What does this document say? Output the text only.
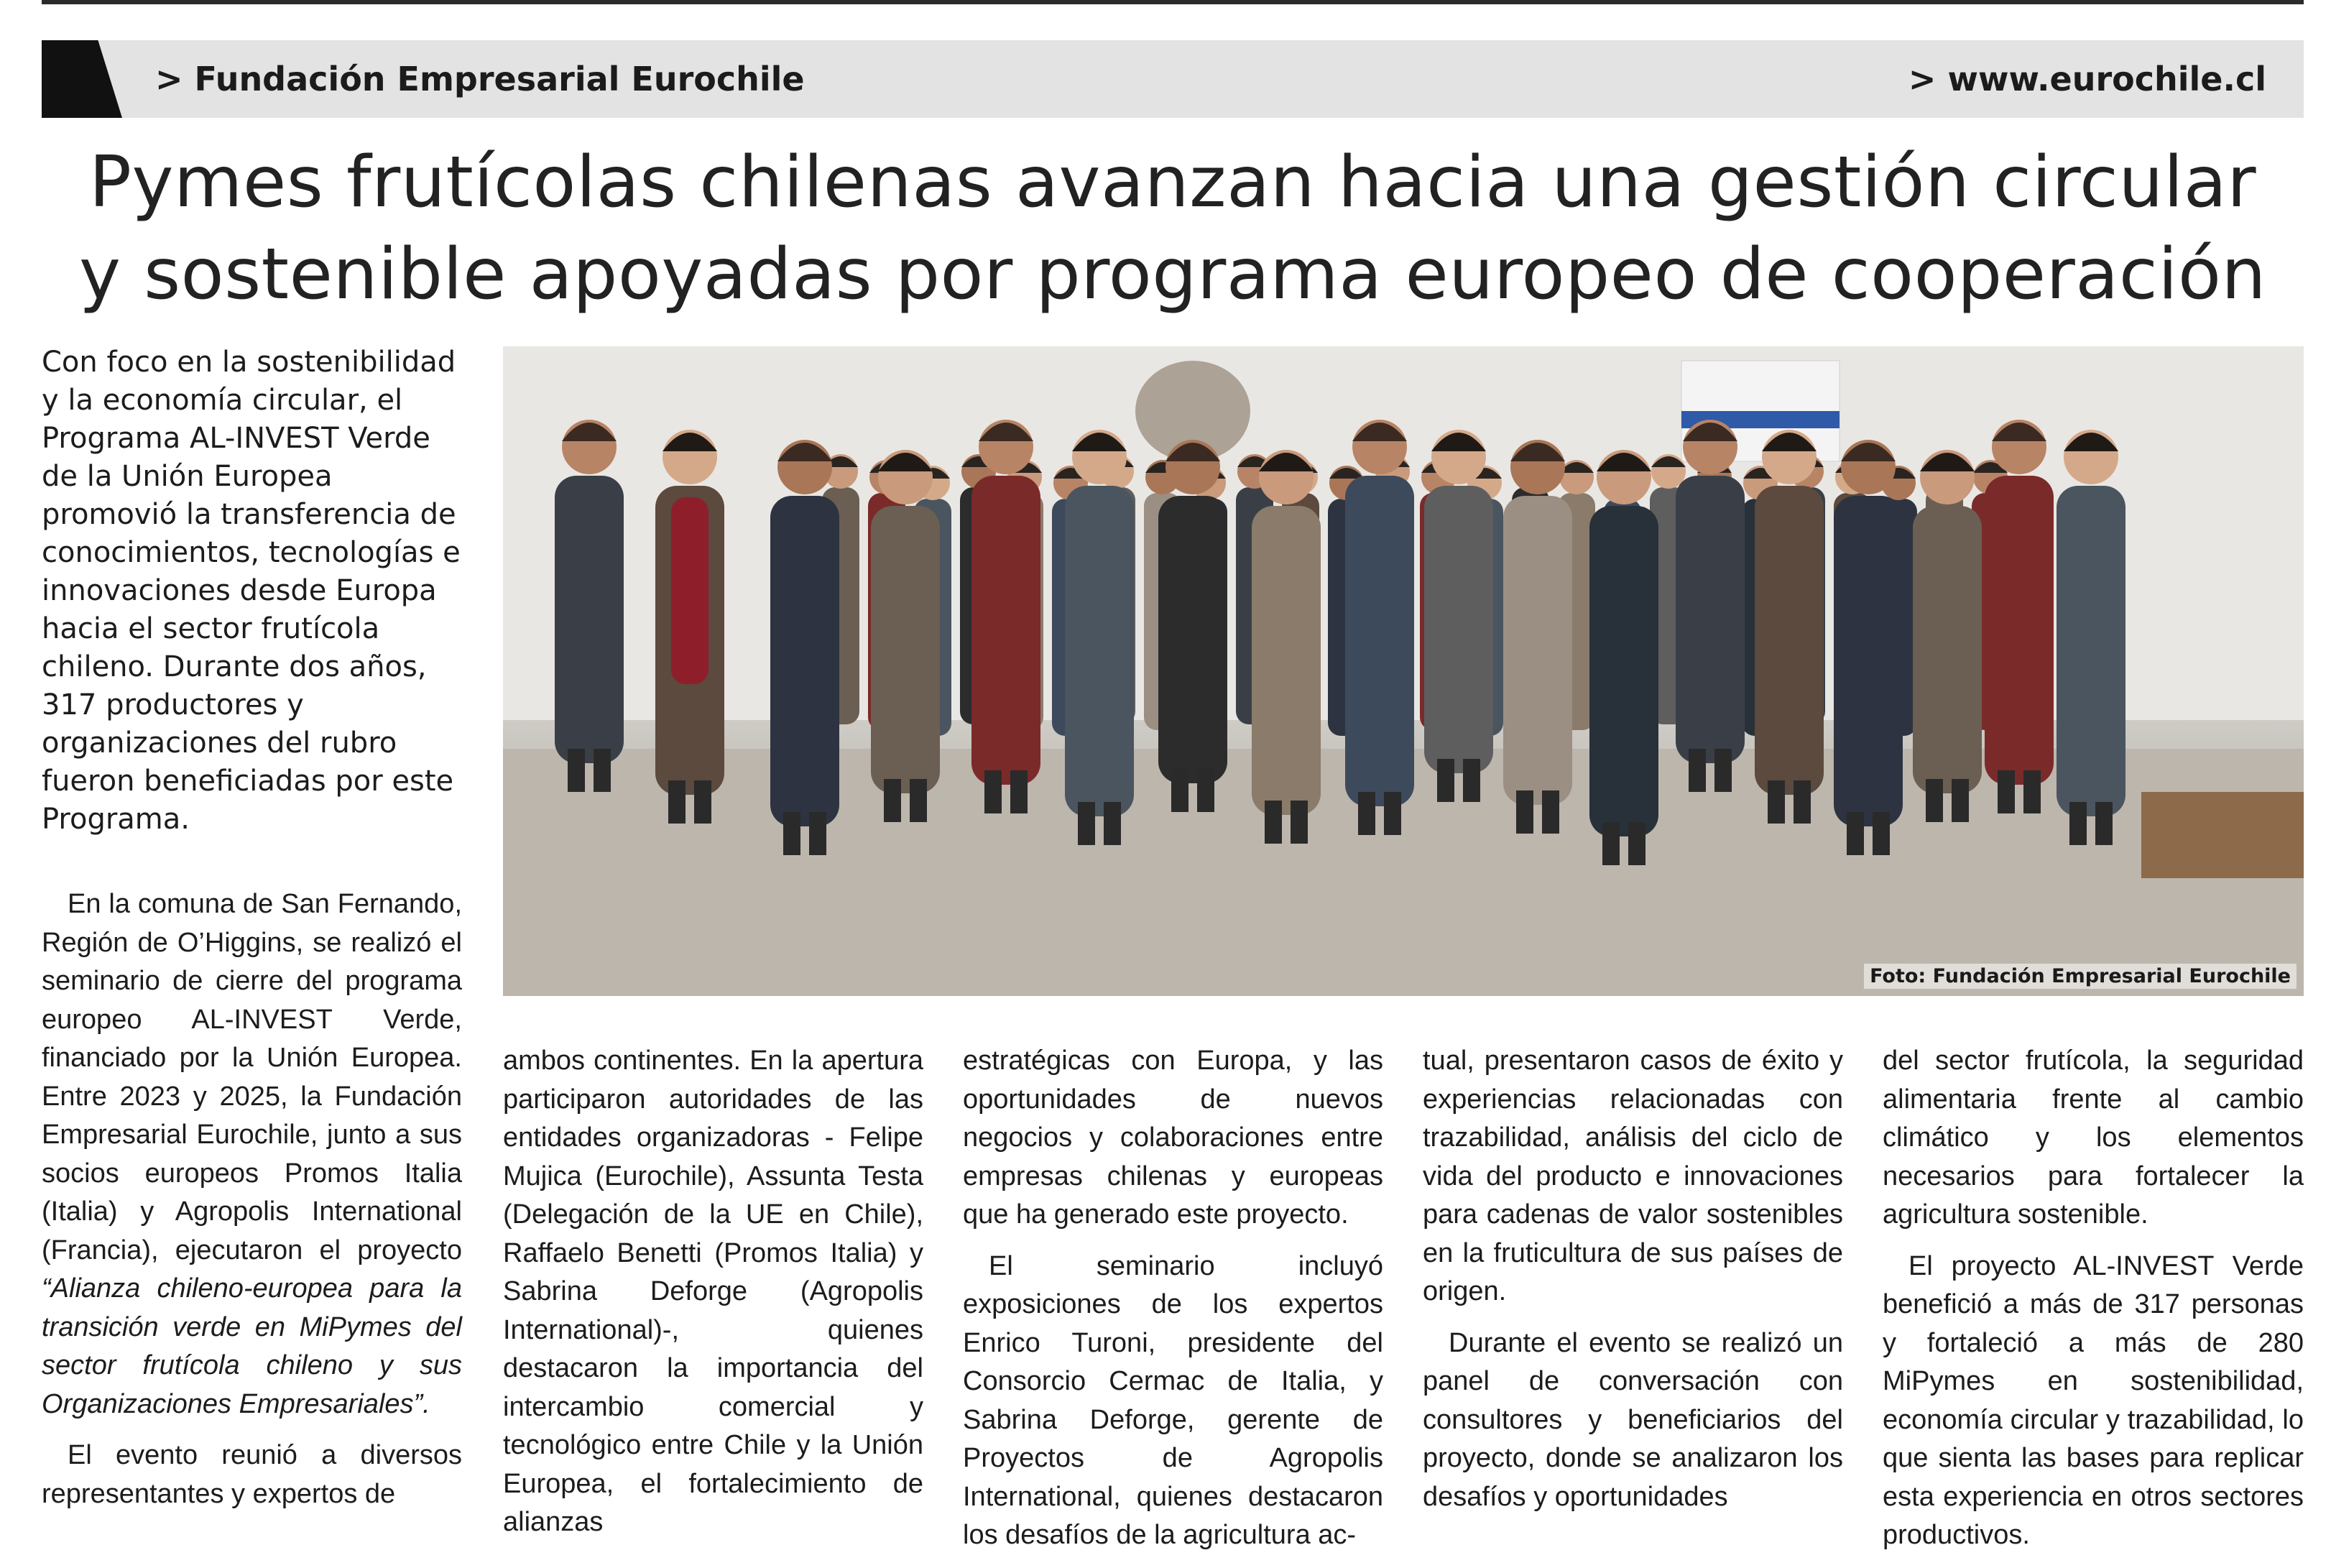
> Fundación Empresarial Eurochile	> www.eurochile.cl
Pymes frutícolas chilenas avanzan hacia una gestión circular
y sostenible apoyadas por programa europeo de cooperación
Con foco en la sostenibilidad y la economía circular, el Programa AL-INVEST Verde de la Unión Europea promovió la transferencia de conocimientos, tecnologías e innovaciones desde Europa hacia el sector frutícola chileno. Durante dos años, 317 productores y organizaciones del rubro fueron beneficiadas por este Programa.
Foto: Fundación Empresarial Eurochile

En la comuna de San Fernando, Región de O’Higgins, se realizó el seminario de cierre del programa europeo AL-INVEST Verde, financiado por la Unión Europea. Entre 2023 y 2025, la Fundación Empresarial Eurochile, junto a sus socios europeos Promos Italia (Italia) y Agropolis International (Francia), ejecutaron el proyecto “Alianza chileno-europea para la transición verde en MiPymes del sector frutícola chileno y sus Organizaciones Empresariales”.

El evento reunió a diversos representantes y expertos de

ambos continentes. En la apertura participaron autoridades de las entidades organizadoras - Felipe Mujica (Eurochile), Assunta Testa (Delegación de la UE en Chile), Raffaelo Benetti (Promos Italia) y Sabrina Deforge (Agropolis International)-, quienes destacaron la importancia del intercambio comercial y tecnológico entre Chile y la Unión Europea, el fortalecimiento de alianzas

estratégicas con Europa, y las oportunidades de nuevos negocios y colaboraciones entre empresas chilenas y europeas que ha generado este proyecto.

El seminario incluyó exposiciones de los expertos Enrico Turoni, presidente del Consorcio Cermac de Italia, y Sabrina Deforge, gerente de Proyectos de Agropolis International, quienes destacaron los desafíos de la agricultura ac-

tual, presentaron casos de éxito y experiencias relacionadas con trazabilidad, análisis del ciclo de vida del producto e innovaciones para cadenas de valor sostenibles en la fruticultura de sus países de origen.

Durante el evento se realizó un panel de conversación con consultores y beneficiarios del proyecto, donde se analizaron los desafíos y oportunidades

del sector frutícola, la seguridad alimentaria frente al cambio climático y los elementos necesarios para fortalecer la agricultura sostenible.

El proyecto AL-INVEST Verde benefició a más de 317 personas y fortaleció a más de 280 MiPymes en sostenibilidad, economía circular y trazabilidad, lo que sienta las bases para replicar esta experiencia en otros sectores productivos.
